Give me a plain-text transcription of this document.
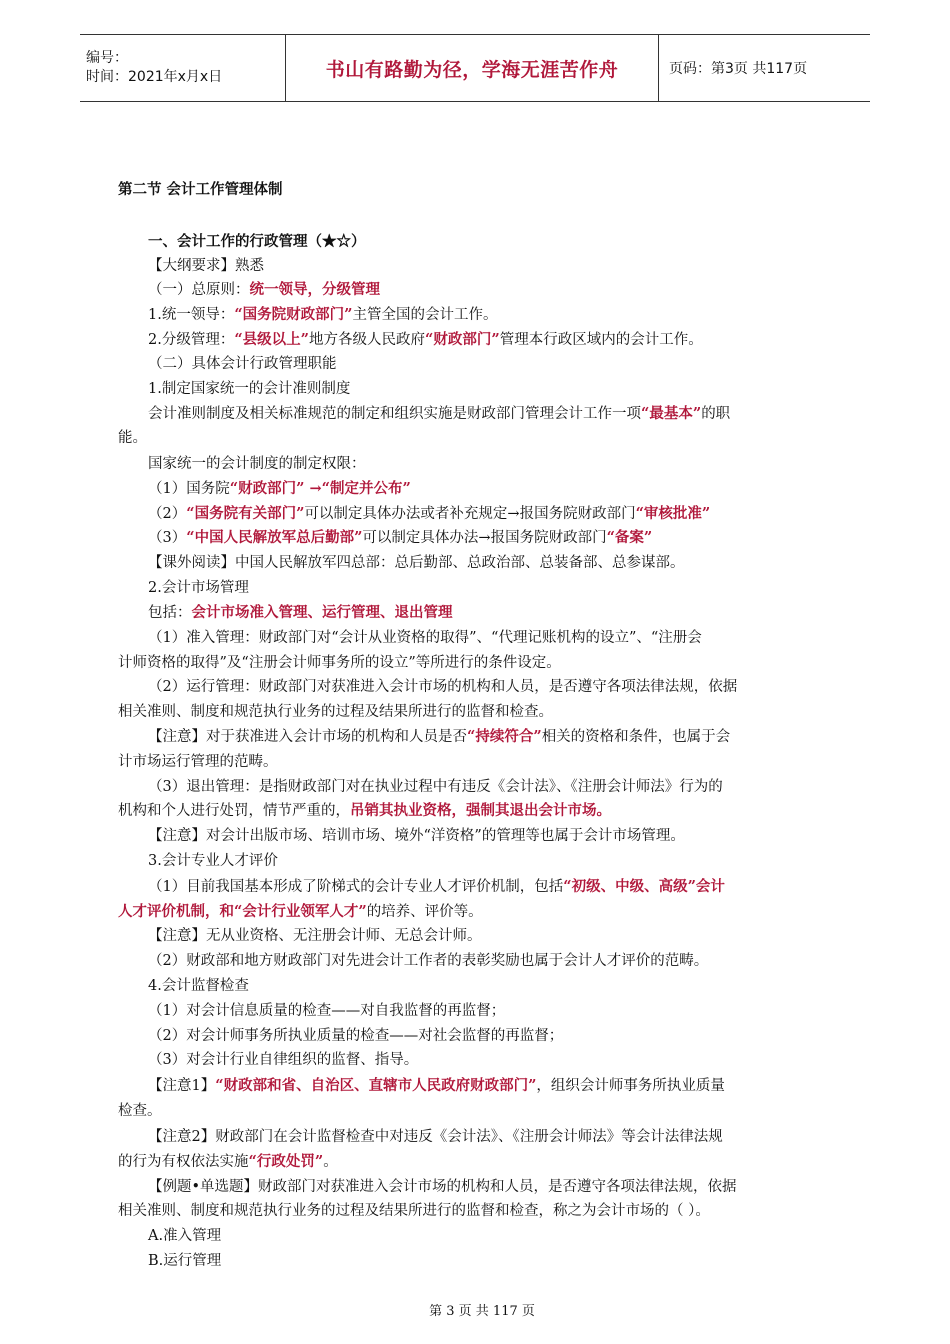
编号：
时间：2021年x月x日	书山有路勤为径，学海无涯苦作舟	页码：第3页 共117页
第二节 会计工作管理体制
一、会计工作的行政管理（★☆）
【大纲要求】熟悉
（一）总原则：统一领导，分级管理
1.统一领导：“国务院财政部门”主管全国的会计工作。
2.分级管理：“县级以上”地方各级人民政府“财政部门”管理本行政区域内的会计工作。
（二）具体会计行政管理职能
1.制定国家统一的会计准则制度
会计准则制度及相关标准规范的制定和组织实施是财政部门管理会计工作一项“最基本”的职
能。
国家统一的会计制度的制定权限：
（1）国务院“财政部门” →“制定并公布”
（2）“国务院有关部门”可以制定具体办法或者补充规定→报国务院财政部门“审核批准”
（3）“中国人民解放军总后勤部”可以制定具体办法→报国务院财政部门“备案”
【课外阅读】中国人民解放军四总部：总后勤部、总政治部、总装备部、总参谋部。
2.会计市场管理
包括：会计市场准入管理、运行管理、退出管理
（1）准入管理：财政部门对“会计从业资格的取得”、“代理记账机构的设立”、“注册会
计师资格的取得”及“注册会计师事务所的设立”等所进行的条件设定。
（2）运行管理：财政部门对获准进入会计市场的机构和人员，是否遵守各项法律法规，依据
相关准则、制度和规范执行业务的过程及结果所进行的监督和检查。
【注意】对于获准进入会计市场的机构和人员是否“持续符合”相关的资格和条件，也属于会
计市场运行管理的范畴。
（3）退出管理：是指财政部门对在执业过程中有违反《会计法》、《注册会计师法》行为的
机构和个人进行处罚，情节严重的，吊销其执业资格，强制其退出会计市场。
【注意】对会计出版市场、培训市场、境外“洋资格”的管理等也属于会计市场管理。
3.会计专业人才评价
（1）目前我国基本形成了阶梯式的会计专业人才评价机制，包括“初级、中级、高级”会计
人才评价机制，和“会计行业领军人才”的培养、评价等。
【注意】无从业资格、无注册会计师、无总会计师。
（2）财政部和地方财政部门对先进会计工作者的表彰奖励也属于会计人才评价的范畴。
4.会计监督检查
（1）对会计信息质量的检查——对自我监督的再监督；
（2）对会计师事务所执业质量的检查——对社会监督的再监督；
（3）对会计行业自律组织的监督、指导。
【注意1】“财政部和省、自治区、直辖市人民政府财政部门”，组织会计师事务所执业质量
检查。
【注意2】财政部门在会计监督检查中对违反《会计法》、《注册会计师法》等会计法律法规
的行为有权依法实施“行政处罚”。
【例题•单选题】财政部门对获准进入会计市场的机构和人员，是否遵守各项法律法规，依据
相关准则、制度和规范执行业务的过程及结果所进行的监督和检查，称之为会计市场的（ ）。
A.准入管理
B.运行管理
第 3 页 共 117 页
